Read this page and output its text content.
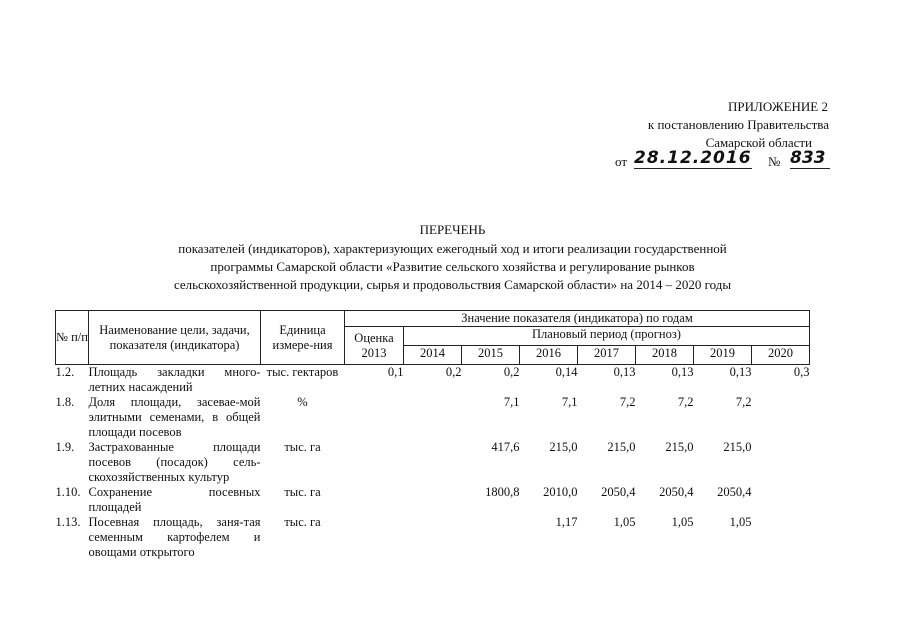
ПРИЛОЖЕНИЕ 2
к постановлению Правительства
Самарской области
от 28.12.2016 № 833
ПЕРЕЧЕНЬ
показателей (индикаторов), характеризующих ежегодный ход и итоги реализации государственной
программы Самарской области «Развитие сельского хозяйства и регулирование рынков
сельскохозяйственной продукции, сырья и продовольствия Самарской области» на 2014 – 2020 годы
№ п/п	Наименование цели, задачи, показателя (индикатора)	Единица измере-ния	Значение показателя (индикатора) по годам							
			Оценка 2013	Плановый период (прогноз)						
				2014	2015	2016	2017	2018	2019	2020
1.2.	Площадь закладки много-летних насаждений	тыс. гектаров	0,1	0,2	0,2	0,14	0,13	0,13	0,13	0,3
1.8.	Доля площади, засевае-мой элитными семенами, в общей площади посевов	%			7,1	7,1	7,2	7,2	7,2	
1.9.	Застрахованные площади посевов (посадок) сель-скохозяйственных культур	тыс. га			417,6	215,0	215,0	215,0	215,0	
1.10.	Сохранение посевных площадей	тыс. га			1800,8	2010,0	2050,4	2050,4	2050,4	
1.13.	Посевная площадь, заня-тая семенным картофелем и овощами открытого	тыс. га				1,17	1,05	1,05	1,05	
